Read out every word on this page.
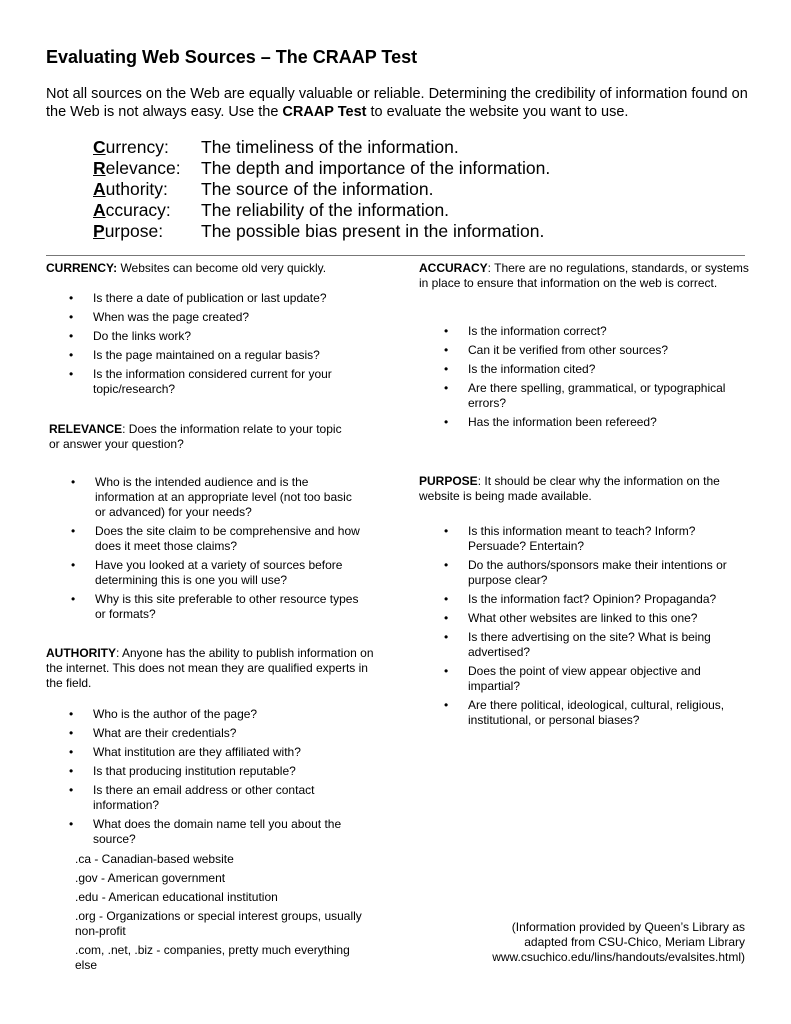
Evaluating Web Sources – The CRAAP Test

Not all sources on the Web are equally valuable or reliable. Determining the credibility of information found on the Web is not always easy. Use the CRAAP Test to evaluate the website you want to use.

Currency: The timeliness of the information.
Relevance: The depth and importance of the information.
Authority: The source of the information.
Accuracy: The reliability of the information.
Purpose: The possible bias present in the information.

CURRENCY: Websites can become old very quickly.

• Is there a date of publication or last update?
• When was the page created?
• Do the links work?
• Is the page maintained on a regular basis?
• Is the information considered current for your topic/research?

RELEVANCE: Does the information relate to your topic or answer your question?

• Who is the intended audience and is the information at an appropriate level (not too basic or advanced) for your needs?
• Does the site claim to be comprehensive and how does it meet those claims?
• Have you looked at a variety of sources before determining this is one you will use?
• Why is this site preferable to other resource types or formats?

AUTHORITY: Anyone has the ability to publish information on the internet. This does not mean they are qualified experts in the field.

• Who is the author of the page?
• What are their credentials?
• What institution are they affiliated with?
• Is that producing institution reputable?
• Is there an email address or other contact information?
• What does the domain name tell you about the source?
.ca - Canadian-based website
.gov - American government
.edu - American educational institution
.org - Organizations or special interest groups, usually non-profit
.com, .net, .biz - companies, pretty much everything else

ACCURACY: There are no regulations, standards, or systems in place to ensure that information on the web is correct.

• Is the information correct?
• Can it be verified from other sources?
• Is the information cited?
• Are there spelling, grammatical, or typographical errors?
• Has the information been refereed?

PURPOSE: It should be clear why the information on the website is being made available.

• Is this information meant to teach? Inform? Persuade? Entertain?
• Do the authors/sponsors make their intentions or purpose clear?
• Is the information fact? Opinion? Propaganda?
• What other websites are linked to this one?
• Is there advertising on the site? What is being advertised?
• Does the point of view appear objective and impartial?
• Are there political, ideological, cultural, religious, institutional, or personal biases?
(Information provided by Queen’s Library as
adapted from CSU-Chico, Meriam Library
www.csuchico.edu/lins/handouts/evalsites.html)
